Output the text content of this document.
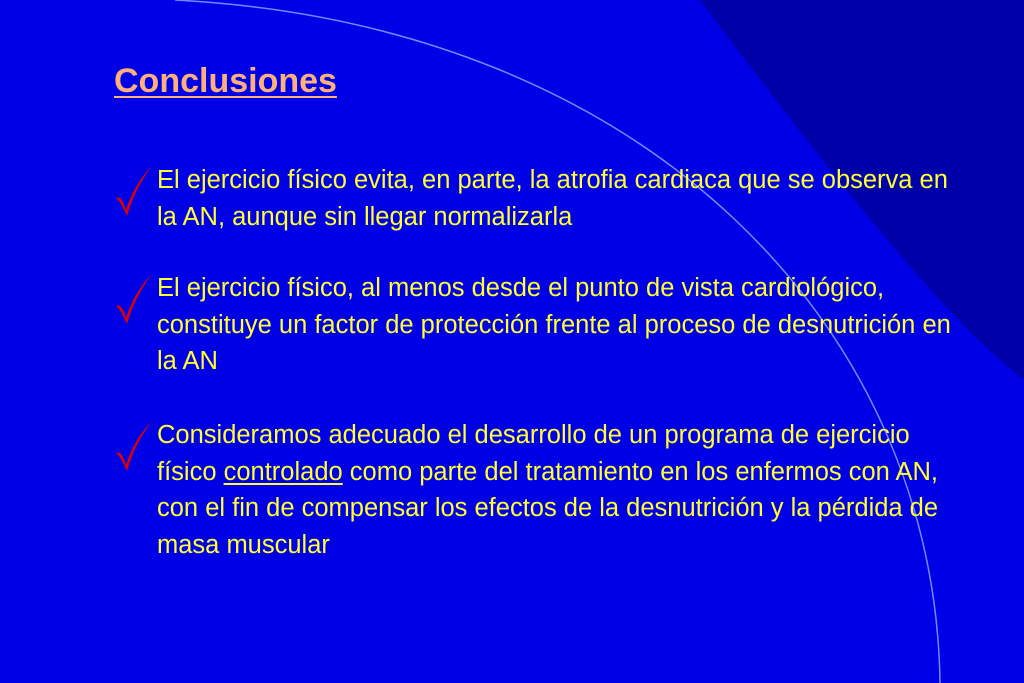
Conclusiones

El ejercicio físico evita, en parte, la atrofia cardiaca que se observa en la AN, aunque sin llegar normalizarla

El ejercicio físico, al menos desde el punto de vista cardiológico, constituye un factor de protección frente al proceso de desnutrición en la AN

Consideramos adecuado el desarrollo de un programa de ejercicio físico controlado como parte del tratamiento en los enfermos con AN, con el fin de compensar los efectos de la desnutrición y la pérdida de masa muscular
